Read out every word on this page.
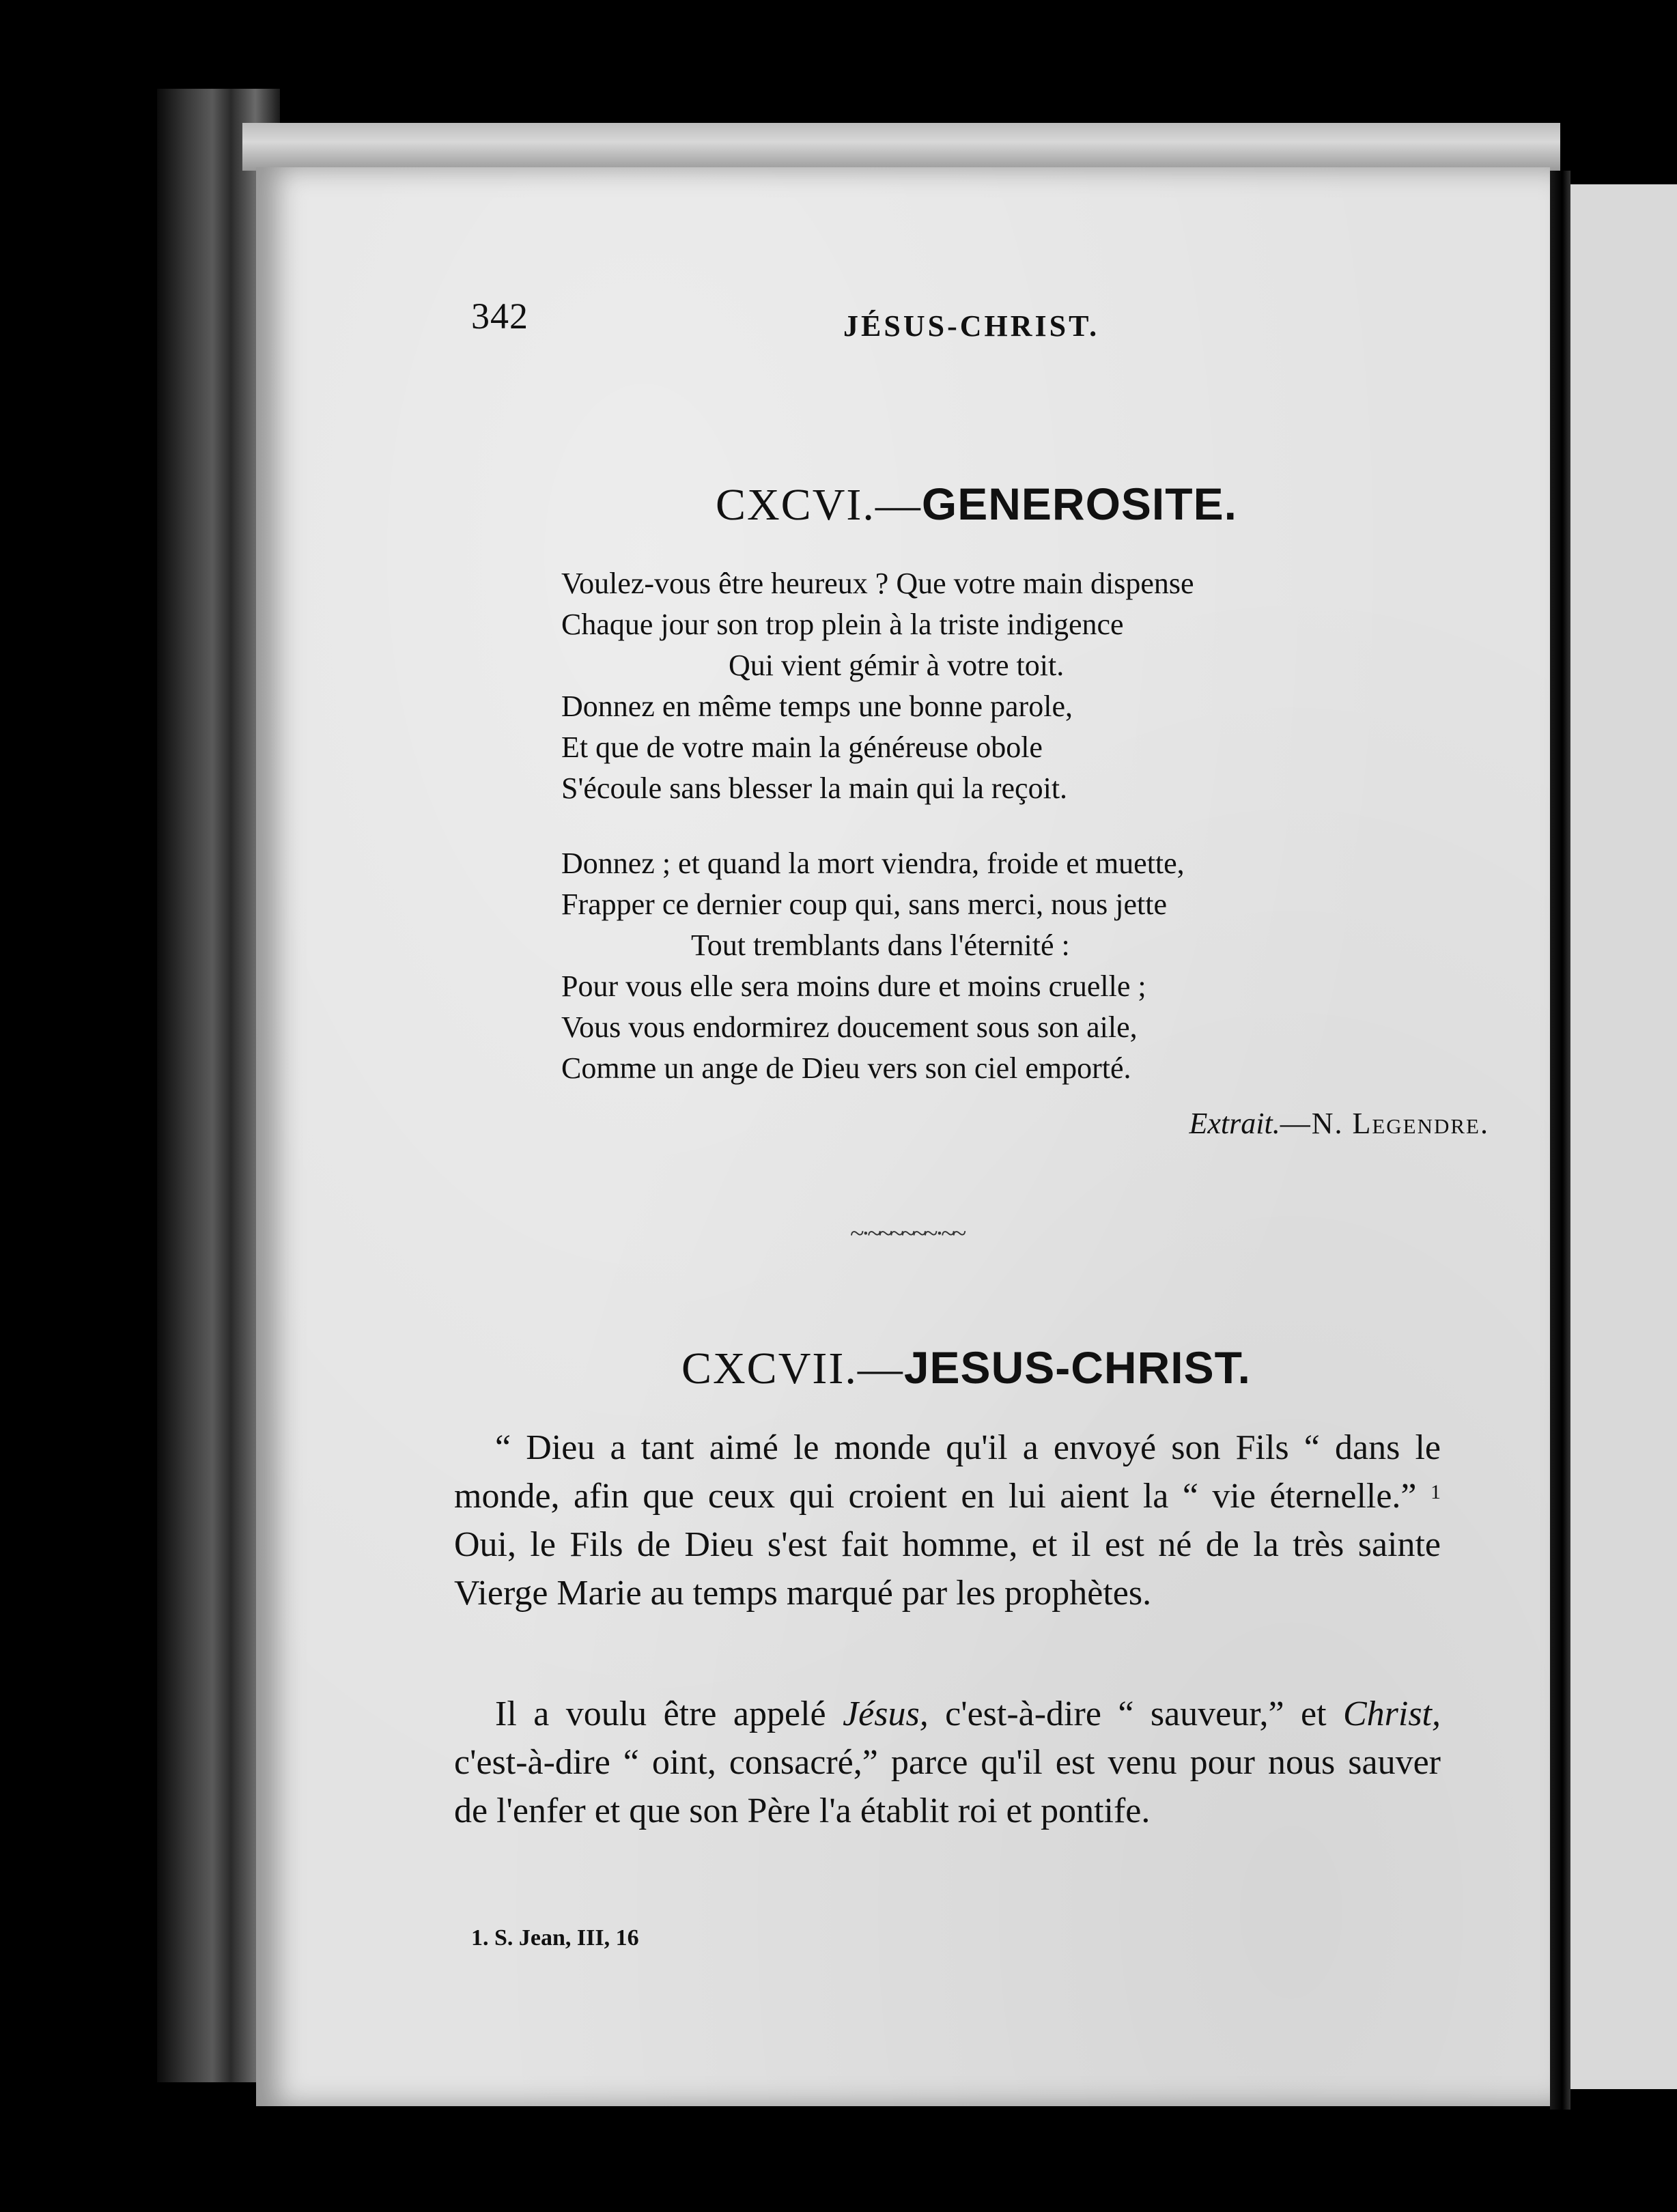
342	JÉSUS-CHRIST.
CXCVI.—GENEROSITE.
Voulez-vous être heureux ? Que votre main dispense
Chaque jour son trop plein à la triste indigence
Qui vient gémir à votre toit.
Donnez en même temps une bonne parole,
Et que de votre main la généreuse obole
S'écoule sans blesser la main qui la reçoit.
Donnez ; et quand la mort viendra, froide et muette,
Frapper ce dernier coup qui, sans merci, nous jette
Tout tremblants dans l'éternité :
Pour vous elle sera moins dure et moins cruelle ;
Vous vous endormirez doucement sous son aile,
Comme un ange de Dieu vers son ciel emporté.
Extrait.—N. Legendre.
~·~~~~~~·~~
CXCVII.—JESUS-CHRIST.

“ Dieu a tant aimé le monde qu'il a envoyé son Fils “ dans le monde, afin que ceux qui croient en lui aient la “ vie éternelle.” $^1$ Oui, le Fils de Dieu s'est fait homme, et il est né de la très sainte Vierge Marie au temps marqué par les prophètes.

Il a voulu être appelé Jésus, c'est-à-dire “ sauveur,” et Christ, c'est-à-dire “ oint, consacré,” parce qu'il est venu pour nous sauver de l'enfer et que son Père l'a établit roi et pontife.

1. S. Jean, III, 16
